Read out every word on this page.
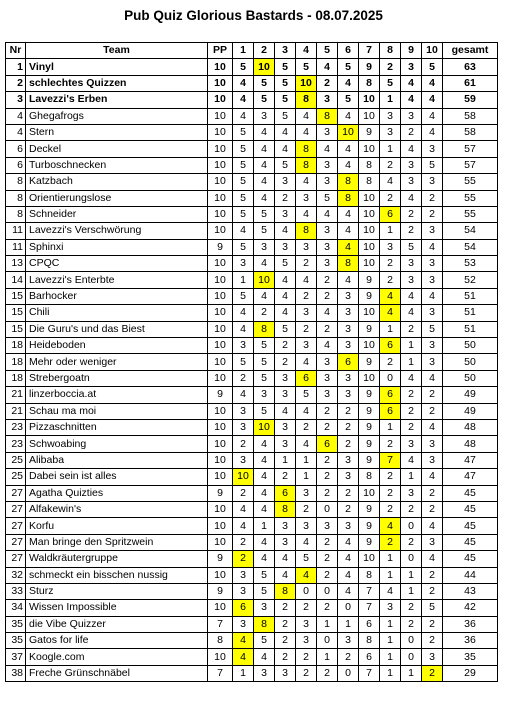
Pub Quiz Glorious Bastards - 08.07.2025
Nr	Team	PP	1	2	3	4	5	6	7	8	9	10	gesamt
1	Vinyl	10	5	10	5	5	4	5	9	2	3	5	63
2	schlechtes Quizzen	10	4	5	5	10	2	4	8	5	4	4	61
3	Lavezzi's Erben	10	4	5	5	8	3	5	10	1	4	4	59
4	Ghegafrogs	10	4	3	5	4	8	4	10	3	3	4	58
4	Stern	10	5	4	4	4	3	10	9	3	2	4	58
6	Deckel	10	5	4	4	8	4	4	10	1	4	3	57
6	Turboschnecken	10	5	4	5	8	3	4	8	2	3	5	57
8	Katzbach	10	5	4	3	4	3	8	8	4	3	3	55
8	Orientierungslose	10	5	4	2	3	5	8	10	2	4	2	55
8	Schneider	10	5	5	3	4	4	4	10	6	2	2	55
11	Lavezzi's Verschwörung	10	4	5	4	8	3	4	10	1	2	3	54
11	Sphinxi	9	5	3	3	3	3	4	10	3	5	4	54
13	CPQC	10	3	4	5	2	3	8	10	2	3	3	53
14	Lavezzi's Enterbte	10	1	10	4	4	2	4	9	2	3	3	52
15	Barhocker	10	5	4	4	2	2	3	9	4	4	4	51
15	Chili	10	4	2	4	3	4	3	10	4	4	3	51
15	Die Guru's und das Biest	10	4	8	5	2	2	3	9	1	2	5	51
18	Heideboden	10	3	5	2	3	4	3	10	6	1	3	50
18	Mehr oder weniger	10	5	5	2	4	3	6	9	2	1	3	50
18	Strebergoatn	10	2	5	3	6	3	3	10	0	4	4	50
21	linzerboccia.at	9	4	3	3	5	3	3	9	6	2	2	49
21	Schau ma moi	10	3	5	4	4	2	2	9	6	2	2	49
23	Pizzaschnitten	10	3	10	3	2	2	2	9	1	2	4	48
23	Schwoabing	10	2	4	3	4	6	2	9	2	3	3	48
25	Alibaba	10	3	4	1	1	2	3	9	7	4	3	47
25	Dabei sein ist alles	10	10	4	2	1	2	3	8	2	1	4	47
27	Agatha Quizties	9	2	4	6	3	2	2	10	2	3	2	45
27	Alfakewin's	10	4	4	8	2	0	2	9	2	2	2	45
27	Korfu	10	4	1	3	3	3	3	9	4	0	4	45
27	Man bringe den Spritzwein	10	2	4	3	4	2	4	9	2	2	3	45
27	Waldkräutergruppe	9	2	4	4	5	2	4	10	1	0	4	45
32	schmeckt ein bisschen nussig	10	3	5	4	4	2	4	8	1	1	2	44
33	Sturz	9	3	5	8	0	0	4	7	4	1	2	43
34	Wissen Impossible	10	6	3	2	2	2	0	7	3	2	5	42
35	die Vibe Quizzer	7	3	8	2	3	1	1	6	1	2	2	36
35	Gatos for life	8	4	5	2	3	0	3	8	1	0	2	36
37	Koogle.com	10	4	4	2	2	1	2	6	1	0	3	35
38	Freche Grünschnäbel	7	1	3	3	2	2	0	7	1	1	2	29
